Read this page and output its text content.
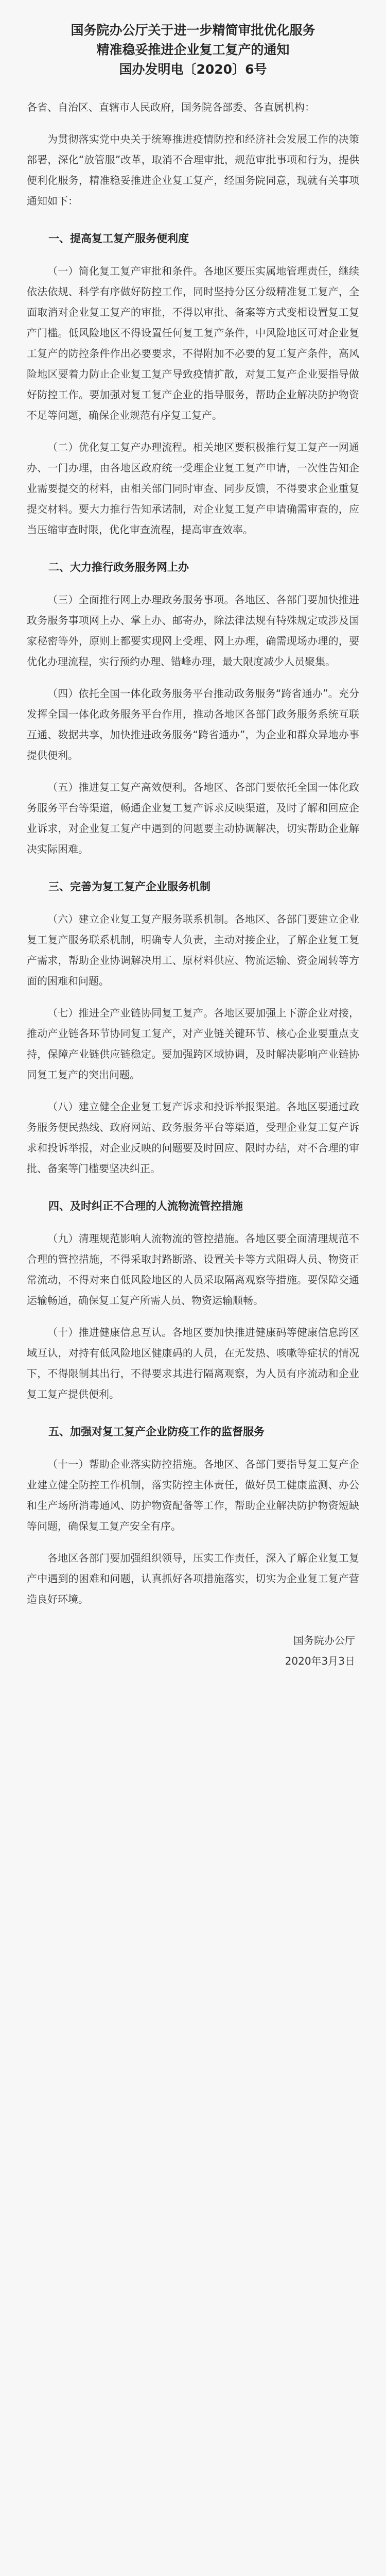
国务院办公厅关于进一步精简审批优化服务
精准稳妥推进企业复工复产的通知
国办发明电〔2020〕6号

各省、自治区、直辖市人民政府，国务院各部委、各直属机构：

为贯彻落实党中央关于统筹推进疫情防控和经济社会发展工作的决策部署，深化“放管服”改革，取消不合理审批，规范审批事项和行为，提供便利化服务，精准稳妥推进企业复工复产，经国务院同意，现就有关事项通知如下：

一、提高复工复产服务便利度

（一）简化复工复产审批和条件。各地区要压实属地管理责任，继续依法依规、科学有序做好防控工作，同时坚持分区分级精准复工复产，全面取消对企业复工复产的审批，不得以审批、备案等方式变相设置复工复产门槛。低风险地区不得设置任何复工复产条件，中风险地区可对企业复工复产的防控条件作出必要要求，不得附加不必要的复工复产条件，高风险地区要着力防止企业复工复产导致疫情扩散，对复工复产企业要指导做好防控工作。要加强对复工复产企业的指导服务，帮助企业解决防护物资不足等问题，确保企业规范有序复工复产。

（二）优化复工复产办理流程。相关地区要积极推行复工复产一网通办、一门办理，由各地区政府统一受理企业复工复产申请，一次性告知企业需要提交的材料，由相关部门同时审查、同步反馈，不得要求企业重复提交材料。要大力推行告知承诺制，对企业复工复产申请确需审查的，应当压缩审查时限，优化审查流程，提高审查效率。

二、大力推行政务服务网上办

（三）全面推行网上办理政务服务事项。各地区、各部门要加快推进政务服务事项网上办、掌上办、邮寄办，除法律法规有特殊规定或涉及国家秘密等外，原则上都要实现网上受理、网上办理，确需现场办理的，要优化办理流程，实行预约办理、错峰办理，最大限度减少人员聚集。

（四）依托全国一体化政务服务平台推动政务服务“跨省通办”。充分发挥全国一体化政务服务平台作用，推动各地区各部门政务服务系统互联互通、数据共享，加快推进政务服务“跨省通办”，为企业和群众异地办事提供便利。

（五）推进复工复产高效便利。各地区、各部门要依托全国一体化政务服务平台等渠道，畅通企业复工复产诉求反映渠道，及时了解和回应企业诉求，对企业复工复产中遇到的问题要主动协调解决，切实帮助企业解决实际困难。

三、完善为复工复产企业服务机制

（六）建立企业复工复产服务联系机制。各地区、各部门要建立企业复工复产服务联系机制，明确专人负责，主动对接企业，了解企业复工复产需求，帮助企业协调解决用工、原材料供应、物流运输、资金周转等方面的困难和问题。

（七）推进全产业链协同复工复产。各地区要加强上下游企业对接，推动产业链各环节协同复工复产，对产业链关键环节、核心企业要重点支持，保障产业链供应链稳定。要加强跨区域协调，及时解决影响产业链协同复工复产的突出问题。

（八）建立健全企业复工复产诉求和投诉举报渠道。各地区要通过政务服务便民热线、政府网站、政务服务平台等渠道，受理企业复工复产诉求和投诉举报，对企业反映的问题要及时回应、限时办结，对不合理的审批、备案等门槛要坚决纠正。

四、及时纠正不合理的人流物流管控措施

（九）清理规范影响人流物流的管控措施。各地区要全面清理规范不合理的管控措施，不得采取封路断路、设置关卡等方式阻碍人员、物资正常流动，不得对来自低风险地区的人员采取隔离观察等措施。要保障交通运输畅通，确保复工复产所需人员、物资运输顺畅。

（十）推进健康信息互认。各地区要加快推进健康码等健康信息跨区域互认，对持有低风险地区健康码的人员，在无发热、咳嗽等症状的情况下，不得限制其出行，不得要求其进行隔离观察，为人员有序流动和企业复工复产提供便利。

五、加强对复工复产企业防疫工作的监督服务

（十一）帮助企业落实防控措施。各地区、各部门要指导复工复产企业建立健全防控工作机制，落实防控主体责任，做好员工健康监测、办公和生产场所消毒通风、防护物资配备等工作，帮助企业解决防护物资短缺等问题，确保复工复产安全有序。

各地区各部门要加强组织领导，压实工作责任，深入了解企业复工复产中遇到的困难和问题，认真抓好各项措施落实，切实为企业复工复产营造良好环境。

国务院办公厅
2020年3月3日
